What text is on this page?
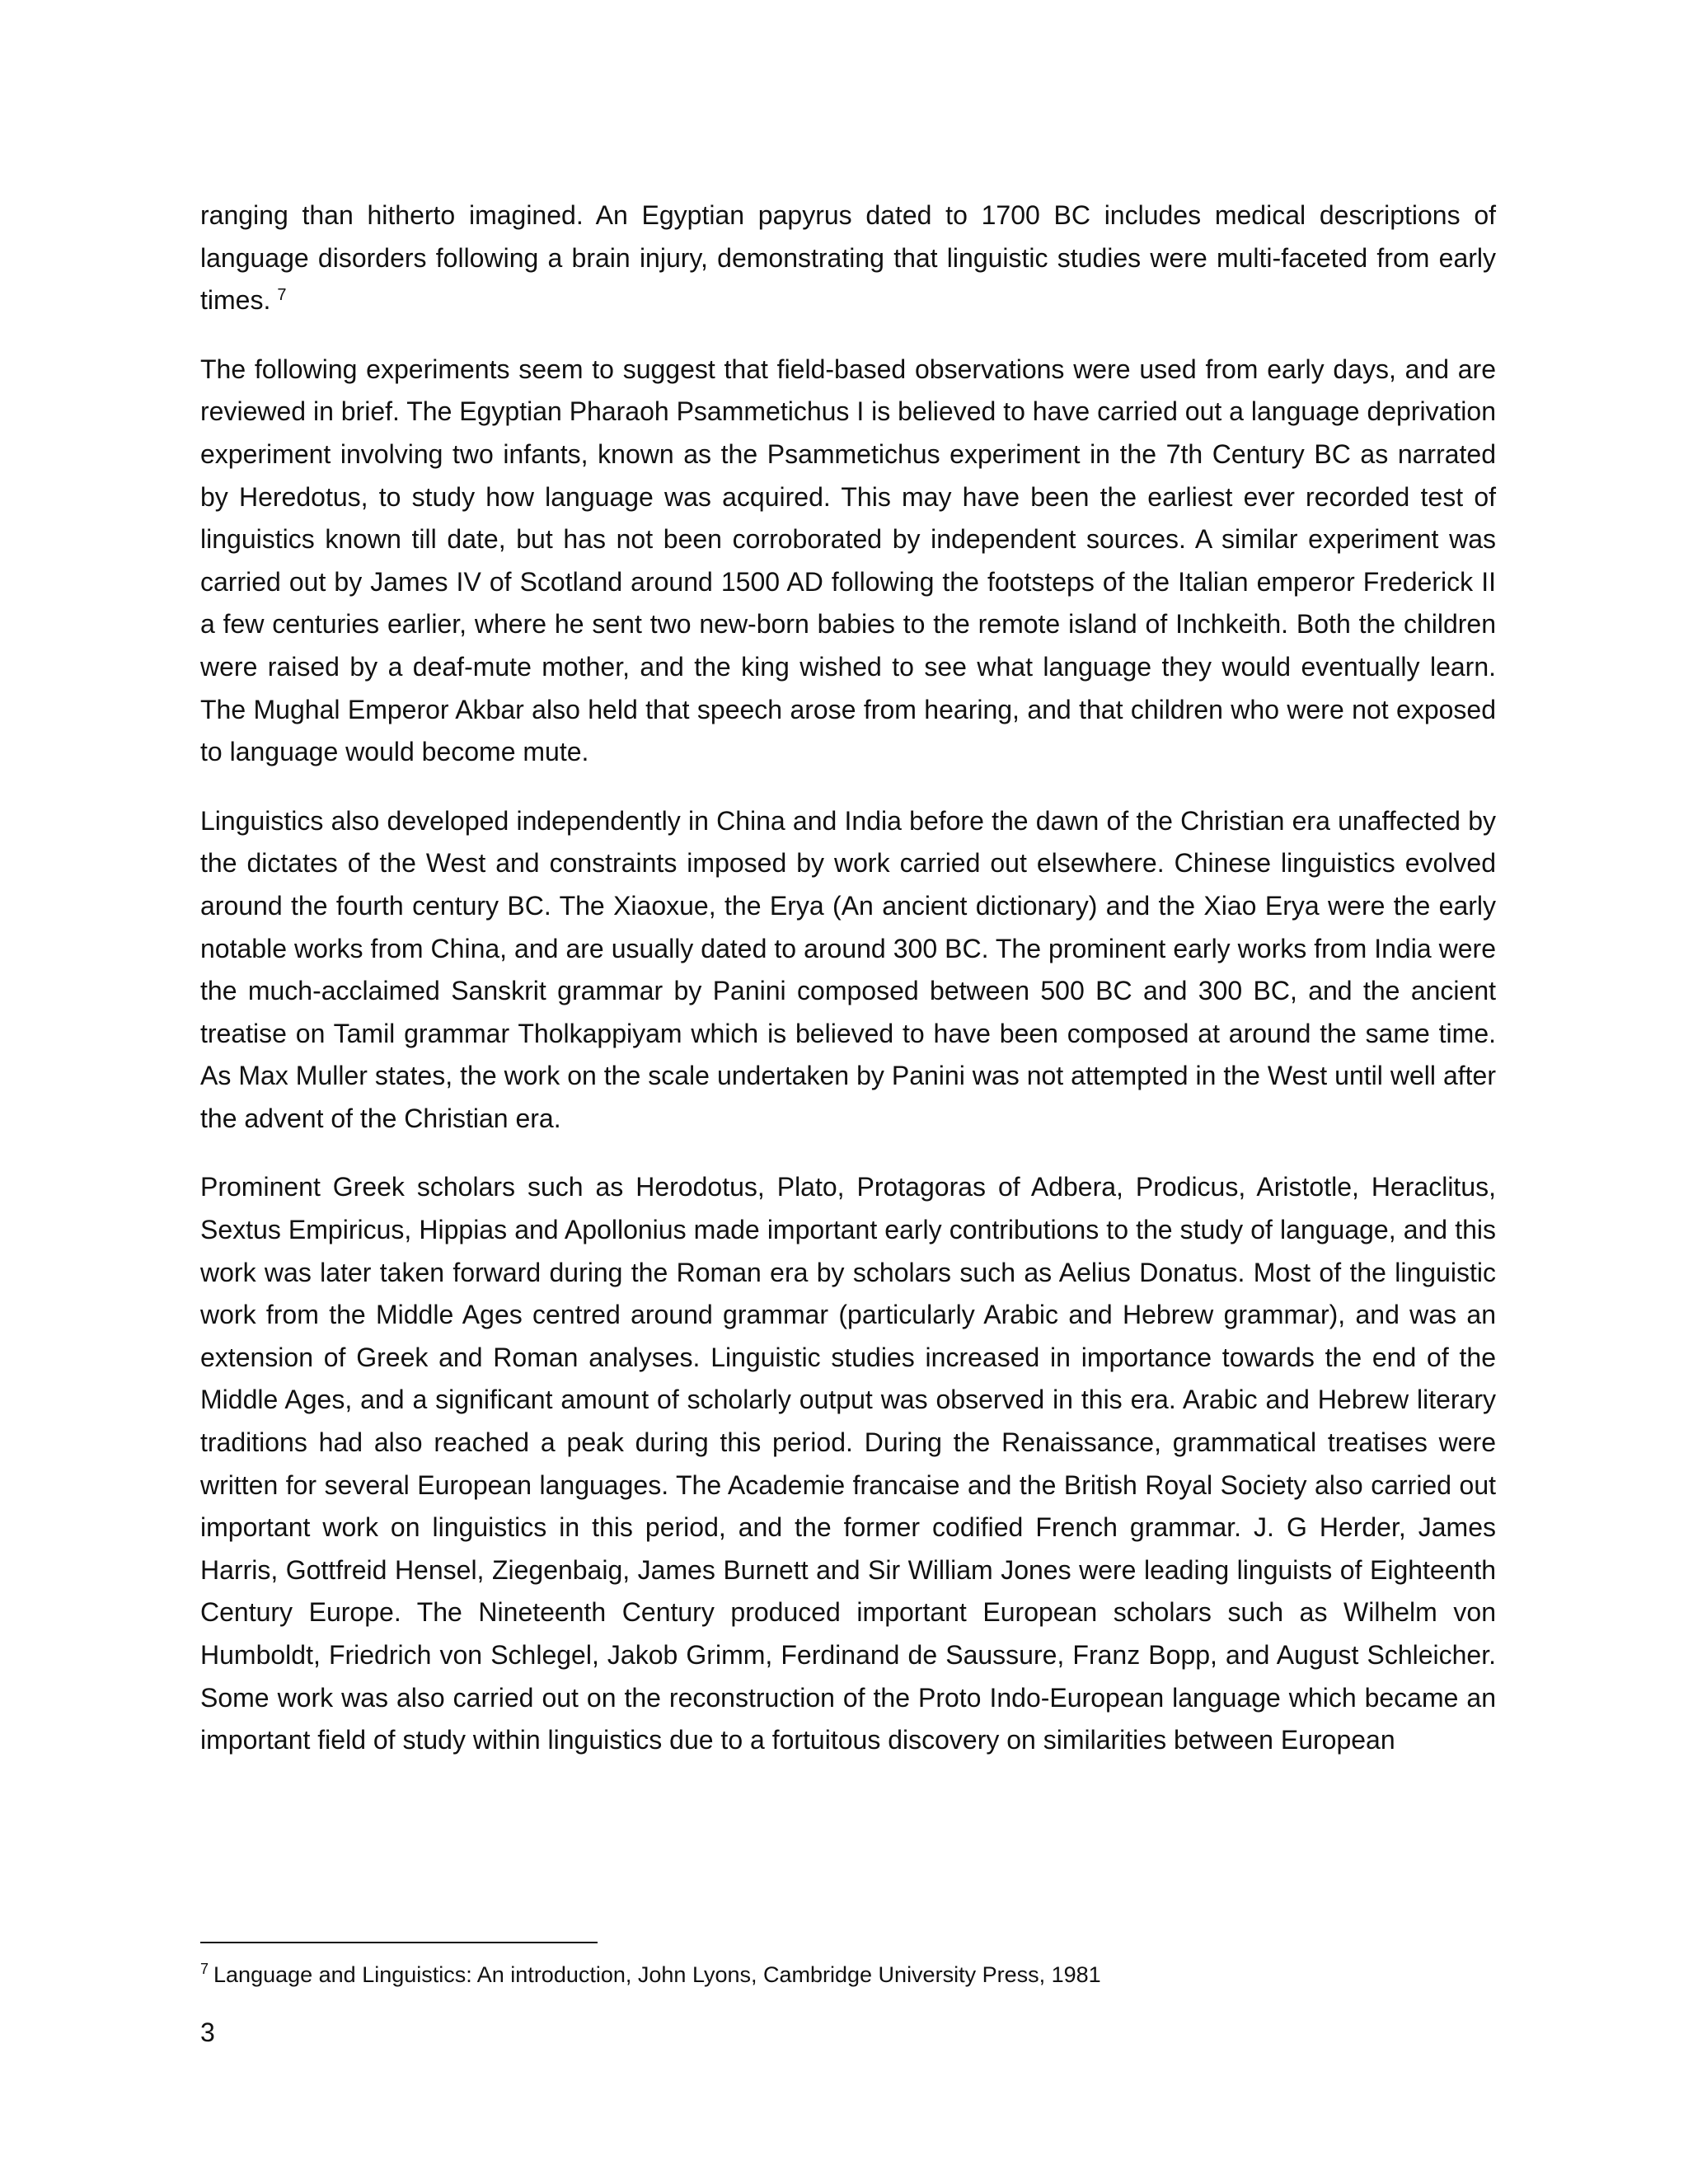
ranging than hitherto imagined. An Egyptian papyrus dated to 1700 BC includes medical descriptions of language disorders following a brain injury, demonstrating that linguistic studies were multi-faceted from early times. $^7$

The following experiments seem to suggest that field-based observations were used from early days, and are reviewed in brief. The Egyptian Pharaoh Psammetichus I is believed to have carried out a language deprivation experiment involving two infants, known as the Psammetichus experiment in the 7th Century BC as narrated by Heredotus, to study how language was acquired. This may have been the earliest ever recorded test of linguistics known till date, but has not been corroborated by independent sources. A similar experiment was carried out by James IV of Scotland around 1500 AD following the footsteps of the Italian emperor Frederick II a few centuries earlier, where he sent two new-born babies to the remote island of Inchkeith. Both the children were raised by a deaf-mute mother, and the king wished to see what language they would eventually learn. The Mughal Emperor Akbar also held that speech arose from hearing, and that children who were not exposed to language would become mute.

Linguistics also developed independently in China and India before the dawn of the Christian era unaffected by the dictates of the West and constraints imposed by work carried out elsewhere. Chinese linguistics evolved around the fourth century BC. The Xiaoxue, the Erya (An ancient dictionary) and the Xiao Erya were the early notable works from China, and are usually dated to around 300 BC. The prominent early works from India were the much-acclaimed Sanskrit grammar by Panini composed between 500 BC and 300 BC, and the ancient treatise on Tamil grammar Tholkappiyam which is believed to have been composed at around the same time. As Max Muller states, the work on the scale undertaken by Panini was not attempted in the West until well after the advent of the Christian era.

Prominent Greek scholars such as Herodotus, Plato, Protagoras of Adbera, Prodicus, Aristotle, Heraclitus, Sextus Empiricus, Hippias and Apollonius made important early contributions to the study of language, and this work was later taken forward during the Roman era by scholars such as Aelius Donatus. Most of the linguistic work from the Middle Ages centred around grammar (particularly Arabic and Hebrew grammar), and was an extension of Greek and Roman analyses. Linguistic studies increased in importance towards the end of the Middle Ages, and a significant amount of scholarly output was observed in this era. Arabic and Hebrew literary traditions had also reached a peak during this period. During the Renaissance, grammatical treatises were written for several European languages. The Academie francaise and the British Royal Society also carried out important work on linguistics in this period, and the former codified French grammar. J. G Herder, James Harris, Gottfreid Hensel, Ziegenbaig, James Burnett and Sir William Jones were leading linguists of Eighteenth Century Europe. The Nineteenth Century produced important European scholars such as Wilhelm von Humboldt, Friedrich von Schlegel, Jakob Grimm, Ferdinand de Saussure, Franz Bopp, and August Schleicher. Some work was also carried out on the reconstruction of the Proto Indo-European language which became an important field of study within linguistics due to a fortuitous discovery on similarities between European

$^7$ Language and Linguistics: An introduction, John Lyons, Cambridge University Press, 1981
3
